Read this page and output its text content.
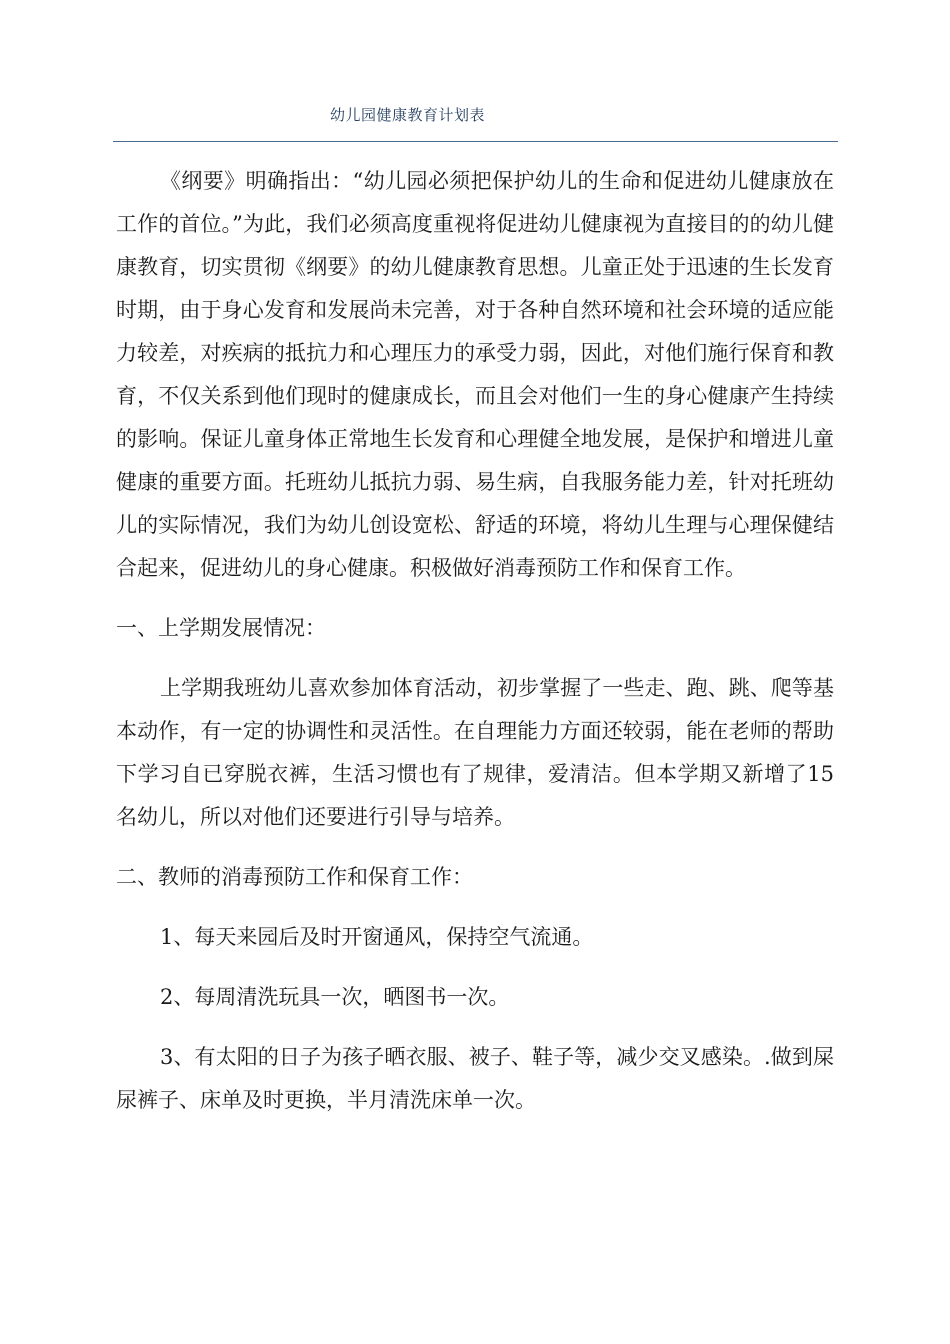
幼儿园健康教育计划表

《纲要》明确指出：“幼儿园必须把保护幼儿的生命和促进幼儿健康放在工作的首位。”为此，我们必须高度重视将促进幼儿健康视为直接目的的幼儿健康教育，切实贯彻《纲要》的幼儿健康教育思想。儿童正处于迅速的生长发育时期，由于身心发育和发展尚未完善，对于各种自然环境和社会环境的适应能力较差，对疾病的抵抗力和心理压力的承受力弱，因此，对他们施行保育和教育，不仅关系到他们现时的健康成长，而且会对他们一生的身心健康产生持续的影响。保证儿童身体正常地生长发育和心理健全地发展，是保护和增进儿童健康的重要方面。托班幼儿抵抗力弱、易生病，自我服务能力差，针对托班幼儿的实际情况，我们为幼儿创设宽松、舒适的环境，将幼儿生理与心理保健结合起来，促进幼儿的身心健康。积极做好消毒预防工作和保育工作。

一、上学期发展情况：

上学期我班幼儿喜欢参加体育活动，初步掌握了一些走、跑、跳、爬等基本动作，有一定的协调性和灵活性。在自理能力方面还较弱，能在老师的帮助下学习自已穿脱衣裤，生活习惯也有了规律，爱清洁。但本学期又新增了15名幼儿，所以对他们还要进行引导与培养。

二、教师的消毒预防工作和保育工作：

1、每天来园后及时开窗通风，保持空气流通。

2、每周清洗玩具一次，晒图书一次。

3、有太阳的日子为孩子晒衣服、被子、鞋子等，减少交叉感染。.做到屎尿裤子、床单及时更换，半月清洗床单一次。
